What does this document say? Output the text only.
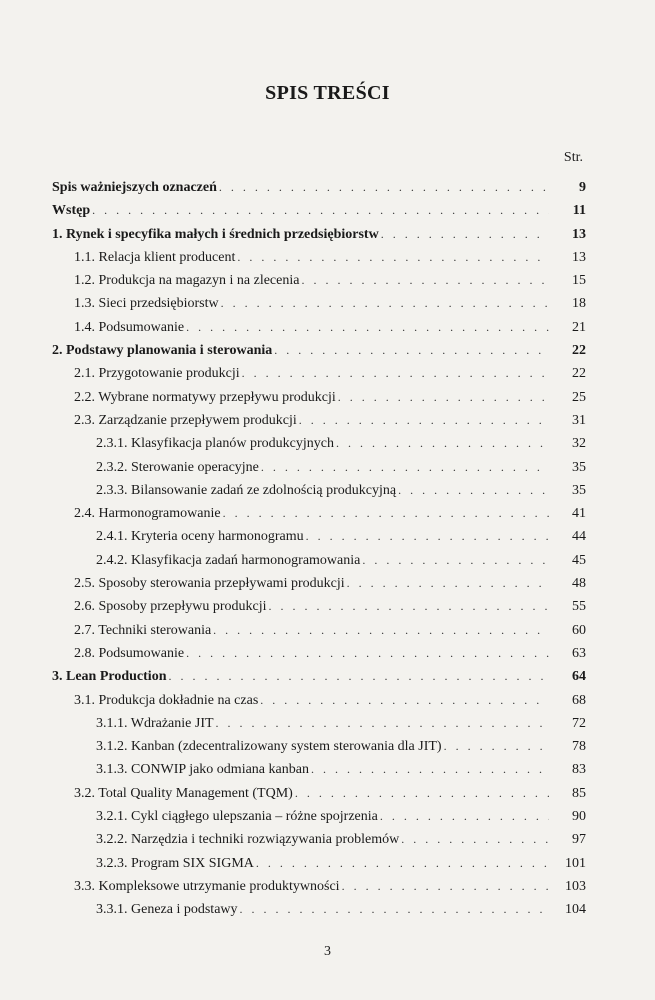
SPIS TREŚCI
Str.
Spis ważniejszych oznaczeń . . .	9
Wstęp . . .	11
1. Rynek i specyfika małych i średnich przedsiębiorstw . . .	13
1.1. Relacja klient producent . . .	13
1.2. Produkcja na magazyn i na zlecenia . . .	15
1.3. Sieci przedsiębiorstw . . .	18
1.4. Podsumowanie . . .	21
2. Podstawy planowania i sterowania . . .	22
2.1. Przygotowanie produkcji . . .	22
2.2. Wybrane normatywy przepływu produkcji . . .	25
2.3. Zarządzanie przepływem produkcji . . .	31
2.3.1. Klasyfikacja planów produkcyjnych . . .	32
2.3.2. Sterowanie operacyjne . . .	35
2.3.3. Bilansowanie zadań ze zdolnością produkcyjną . . .	35
2.4. Harmonogramowanie . . .	41
2.4.1. Kryteria oceny harmonogramu . . .	44
2.4.2. Klasyfikacja zadań harmonogramowania . . .	45
2.5. Sposoby sterowania przepływami produkcji . . .	48
2.6. Sposoby przepływu produkcji . . .	55
2.7. Techniki sterowania . . .	60
2.8. Podsumowanie . . .	63
3. Lean Production . . .	64
3.1. Produkcja dokładnie na czas . . .	68
3.1.1. Wdrażanie JIT . . .	72
3.1.2. Kanban (zdecentralizowany system sterowania dla JIT) . . .	78
3.1.3. CONWIP jako odmiana kanban . . .	83
3.2. Total Quality Management (TQM) . . .	85
3.2.1. Cykl ciągłego ulepszania – różne spojrzenia . . .	90
3.2.2. Narzędzia i techniki rozwiązywania problemów . . .	97
3.2.3. Program SIX SIGMA . . .	101
3.3. Kompleksowe utrzymanie produktywności . . .	103
3.3.1. Geneza i podstawy . . .	104
3
